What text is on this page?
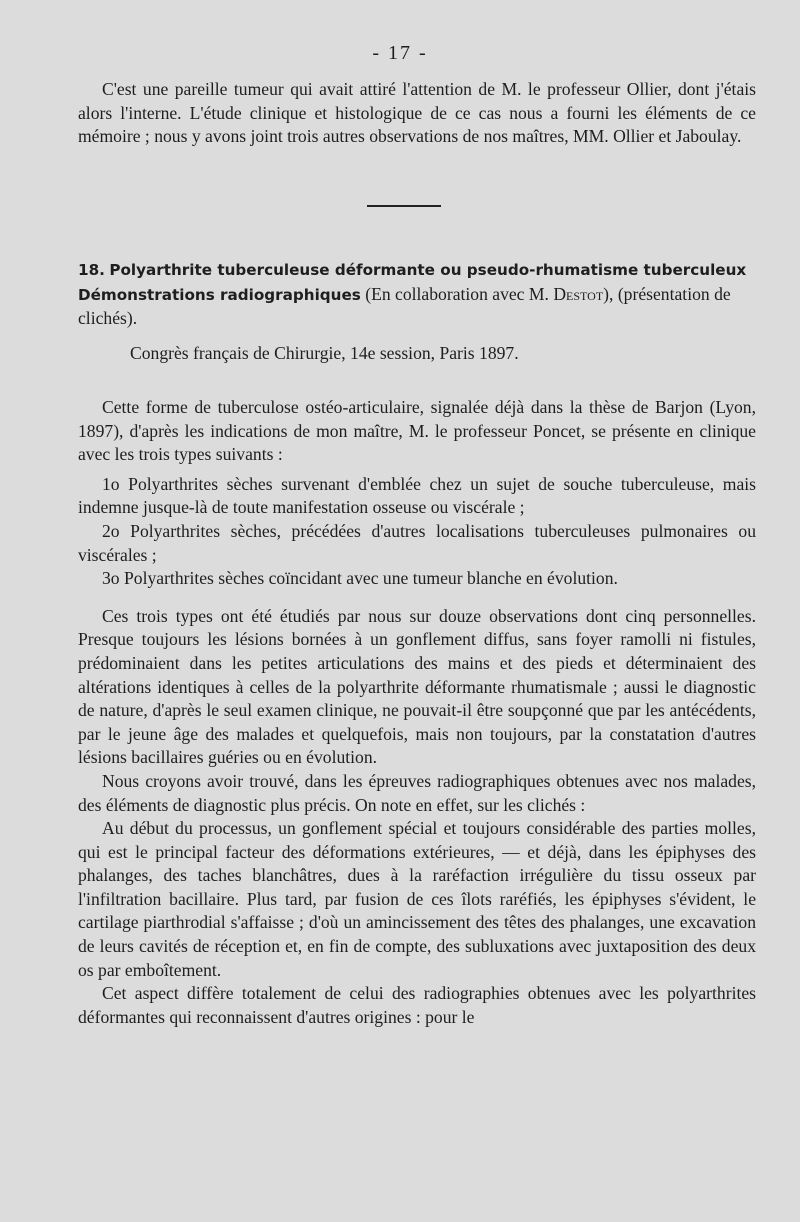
- 17 -

C'est une pareille tumeur qui avait attiré l'attention de M. le professeur Ollier, dont j'étais alors l'interne. L'étude clinique et histologique de ce cas nous a fourni les éléments de ce mémoire ; nous y avons joint trois autres observations de nos maîtres, MM. Ollier et Jaboulay.

18. Polyarthrite tuberculeuse déformante ou pseudo-rhumatisme tuberculeux Démonstrations radiographiques (En collaboration avec M. Destot), (présentation de clichés).

Congrès français de Chirurgie, 14e session, Paris 1897.

Cette forme de tuberculose ostéo-articulaire, signalée déjà dans la thèse de Barjon (Lyon, 1897), d'après les indications de mon maître, M. le professeur Poncet, se présente en clinique avec les trois types suivants :

1o Polyarthrites sèches survenant d'emblée chez un sujet de souche tuberculeuse, mais indemne jusque-là de toute manifestation osseuse ou viscérale ;

2o Polyarthrites sèches, précédées d'autres localisations tuberculeuses pulmonaires ou viscérales ;

3o Polyarthrites sèches coïncidant avec une tumeur blanche en évolution.

Ces trois types ont été étudiés par nous sur douze observations dont cinq personnelles. Presque toujours les lésions bornées à un gonflement diffus, sans foyer ramolli ni fistules, prédominaient dans les petites articulations des mains et des pieds et déterminaient des altérations identiques à celles de la polyarthrite déformante rhumatismale ; aussi le diagnostic de nature, d'après le seul examen clinique, ne pouvait-il être soupçonné que par les antécédents, par le jeune âge des malades et quelquefois, mais non toujours, par la constatation d'autres lésions bacillaires guéries ou en évolution.

Nous croyons avoir trouvé, dans les épreuves radiographiques obtenues avec nos malades, des éléments de diagnostic plus précis. On note en effet, sur les clichés :

Au début du processus, un gonflement spécial et toujours considérable des parties molles, qui est le principal facteur des déformations extérieures, — et déjà, dans les épiphyses des phalanges, des taches blanchâtres, dues à la raréfaction irrégulière du tissu osseux par l'infiltration bacillaire. Plus tard, par fusion de ces îlots raréfiés, les épiphyses s'évident, le cartilage piarthrodial s'affaisse ; d'où un amincissement des têtes des phalanges, une excavation de leurs cavités de réception et, en fin de compte, des subluxations avec juxtaposition des deux os par emboîtement.

Cet aspect diffère totalement de celui des radiographies obtenues avec les polyarthrites déformantes qui reconnaissent d'autres origines : pour le
